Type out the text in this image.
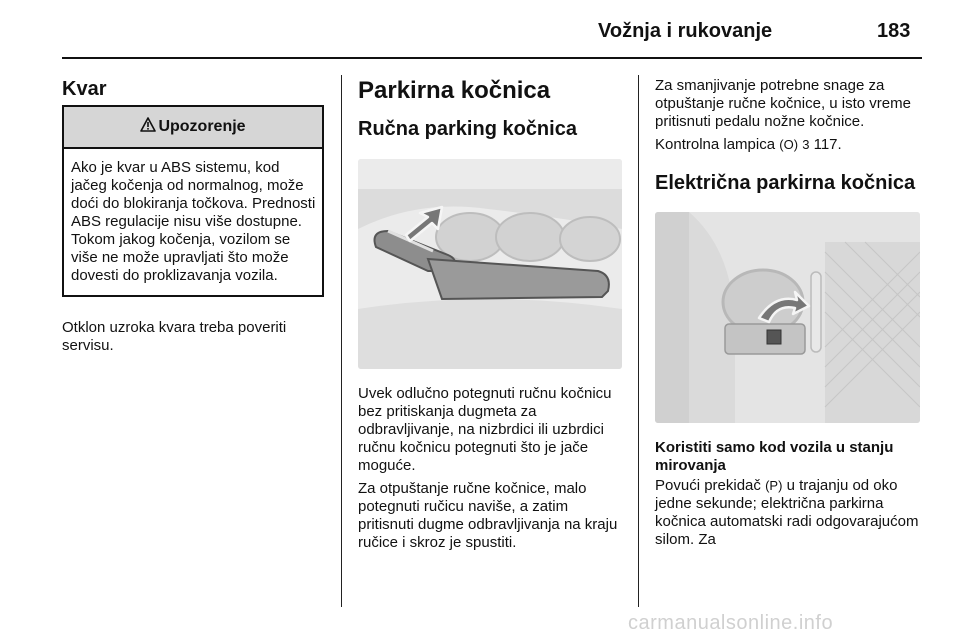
Vožnja i rukovanje	183
Kvar
Upozorenje
Ako je kvar u ABS sistemu, kod jačeg kočenja od normalnog, može doći do blokiranja točkova. Prednosti ABS regulacije nisu više dostupne. Tokom jakog kočenja, vozilom se više ne može upravljati što može dovesti do proklizavanja vozila.

Otklon uzroka kvara treba poveriti servisu.

Parkirna kočnica
Ručna parking kočnica

Uvek odlučno potegnuti ručnu kočnicu bez pritiskanja dugmeta za odbravljivanje, na nizbrdici ili uzbrdici ručnu kočnicu potegnuti što je jače moguće.

Za otpuštanje ručne kočnice, malo potegnuti ručicu naviše, a zatim pritisnuti dugme odbravljivanja na kraju ručice i skroz je spustiti.

Za smanjivanje potrebne snage za otpuštanje ručne kočnice, u isto vreme pritisnuti pedalu nožne kočnice.

Kontrolna lampica (O) 3 117.

Električna parkirna kočnica
Koristiti samo kod vozila u stanju mirovanja

Povući prekidač (P) u trajanju od oko jedne sekunde; električna parkirna kočnica automatski radi odgovarajućom silom. Za

carmanualsonline.info
